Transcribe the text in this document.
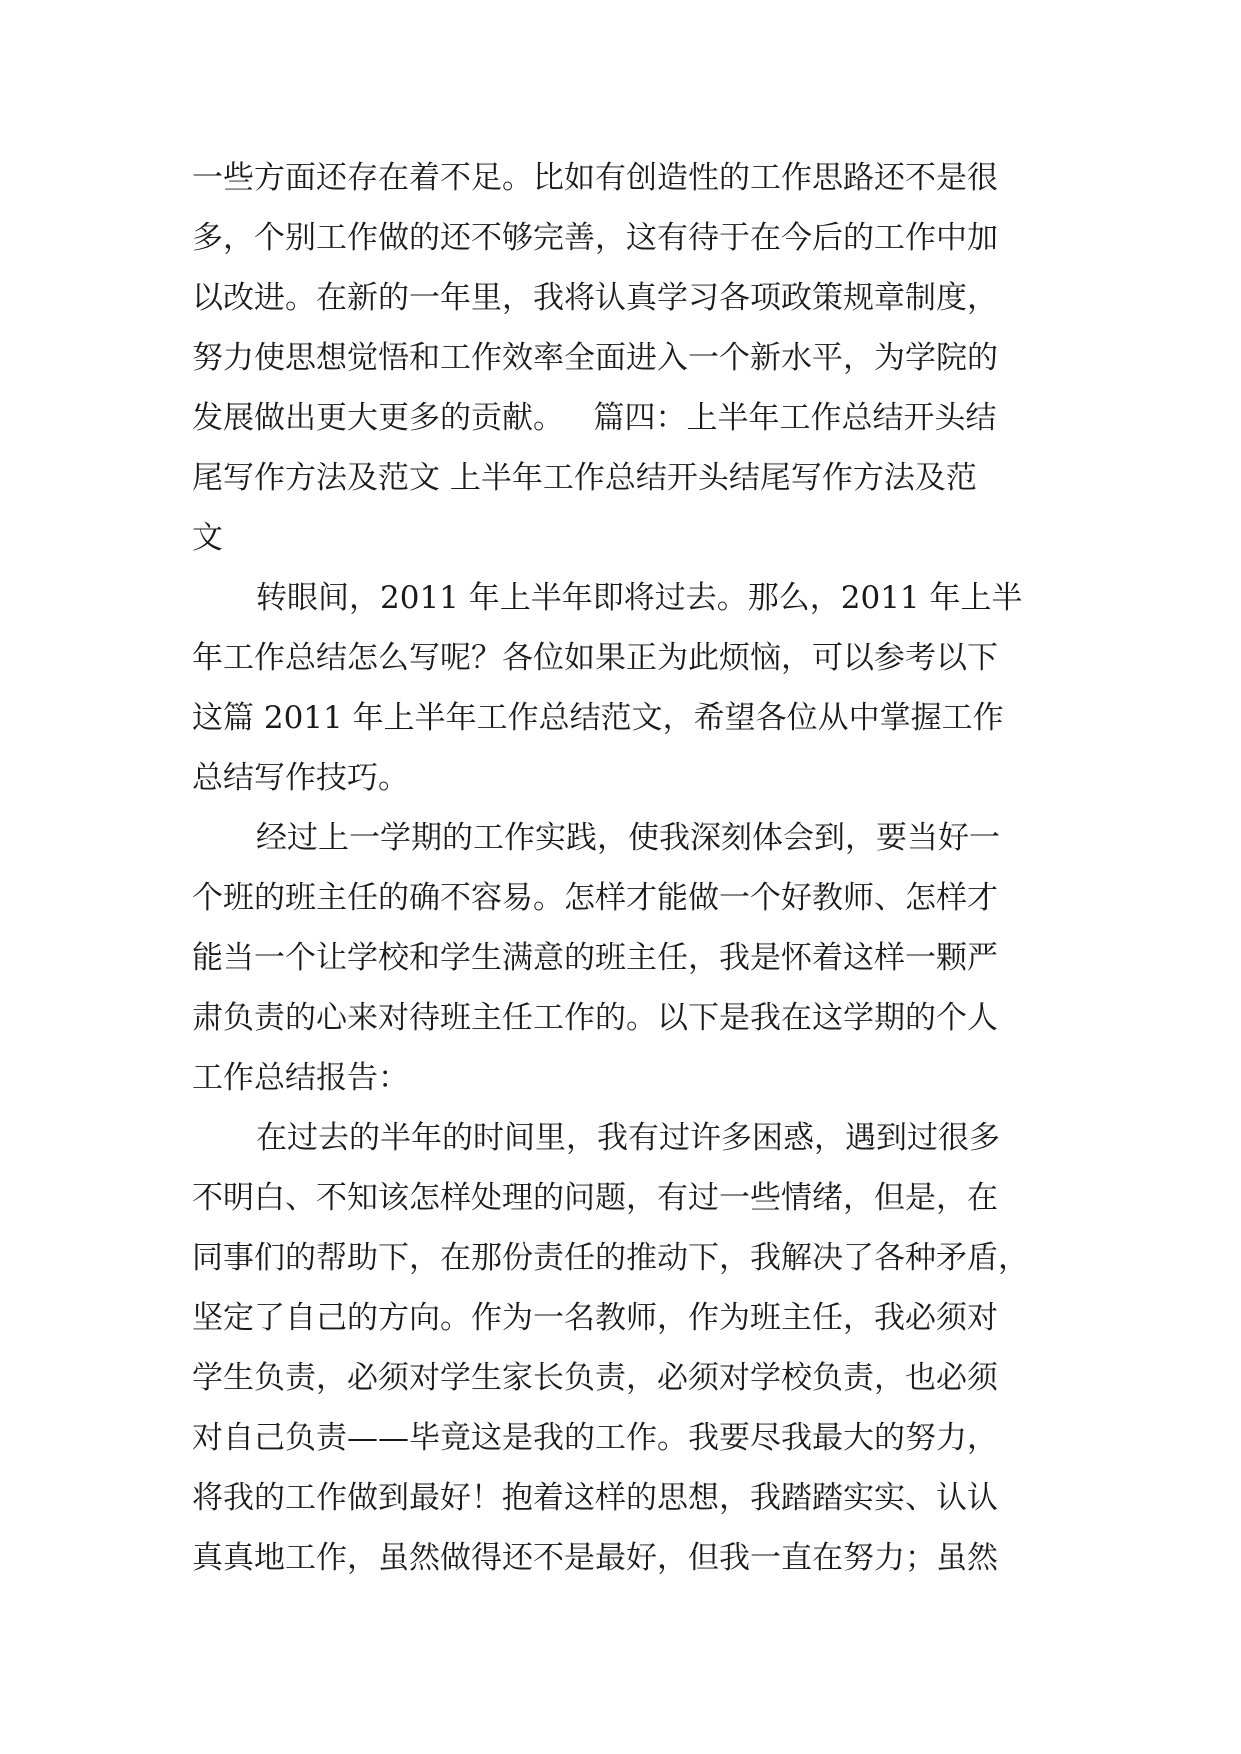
一些方面还存在着不足。比如有创造性的工作思路还不是很
多，个别工作做的还不够完善，这有待于在今后的工作中加
以改进。在新的一年里，我将认真学习各项政策规章制度，
努力使思想觉悟和工作效率全面进入一个新水平，为学院的
发展做出更大更多的贡献。   篇四：上半年工作总结开头结
尾写作方法及范文 上半年工作总结开头结尾写作方法及范
文
转眼间，2011 年上半年即将过去。那么，2011 年上半
年工作总结怎么写呢？各位如果正为此烦恼，可以参考以下
这篇 2011 年上半年工作总结范文，希望各位从中掌握工作
总结写作技巧。
经过上一学期的工作实践，使我深刻体会到，要当好一
个班的班主任的确不容易。怎样才能做一个好教师、怎样才
能当一个让学校和学生满意的班主任，我是怀着这样一颗严
肃负责的心来对待班主任工作的。以下是我在这学期的个人
工作总结报告：
在过去的半年的时间里，我有过许多困惑，遇到过很多
不明白、不知该怎样处理的问题，有过一些情绪，但是，在
同事们的帮助下，在那份责任的推动下，我解决了各种矛盾，
坚定了自己的方向。作为一名教师，作为班主任，我必须对
学生负责，必须对学生家长负责，必须对学校负责，也必须
对自己负责——毕竟这是我的工作。我要尽我最大的努力，
将我的工作做到最好！抱着这样的思想，我踏踏实实、认认
真真地工作，虽然做得还不是最好，但我一直在努力；虽然
